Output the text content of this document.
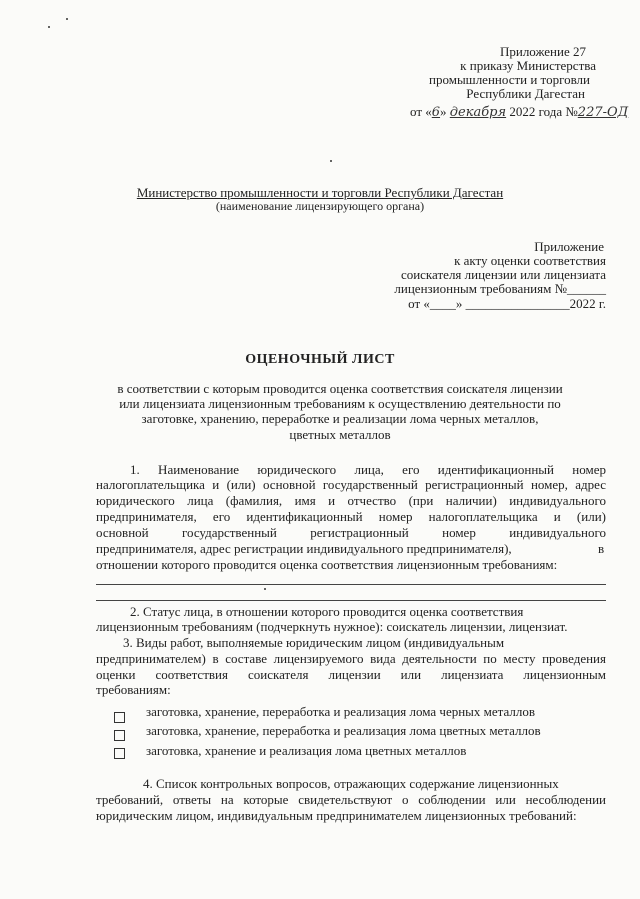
Приложение 27
к приказу Министерства
промышленности и торговли
Республики Дагестан
от «6» декабря 2022 года №227-ОД
Министерство промышленности и торговли Республики Дагестан
(наименование лицензирующего органа)
Приложение
к акту оценки соответствия
соискателя лицензии или лицензиата
лицензионным требованиям №______
от «____» ________________2022 г.
ОЦЕНОЧНЫЙ ЛИСТ
в соответствии с которым проводится оценка соответствия соискателя лицензии
или лицензиата лицензионным требованиям к осуществлению деятельности по
заготовке, хранению, переработке и реализации лома черных металлов,
цветных металлов
1. Наименование юридического лица, его идентификационный номер
налогоплательщика и (или) основной государственный регистрационный номер, адрес
юридического лица (фамилия, имя и отчество (при наличии) индивидуального
предпринимателя, его идентификационный номер налогоплательщика и (или)
основной государственный регистрационный номер индивидуального
предпринимателя, адрес регистрации индивидуального предпринимателя),	в
отношении которого проводится оценка соответствия лицензионным требованиям:
2. Статус лица, в отношении которого проводится оценка соответствия
лицензионным требованиям (подчеркнуть нужное): соискатель лицензии, лицензиат.
3. Виды работ, выполняемые юридическим лицом (индивидуальным
предпринимателем) в составе лицензируемого вида деятельности по месту проведения
оценки соответствия соискателя лицензии или лицензиата лицензионным
требованиям:
заготовка, хранение, переработка и реализация лома черных металлов
заготовка, хранение, переработка и реализация лома цветных металлов
заготовка, хранение и реализация лома цветных металлов
4. Список контрольных вопросов, отражающих содержание лицензионных
требований, ответы на которые свидетельствуют о соблюдении или несоблюдении
юридическим лицом, индивидуальным предпринимателем лицензионных требований:
